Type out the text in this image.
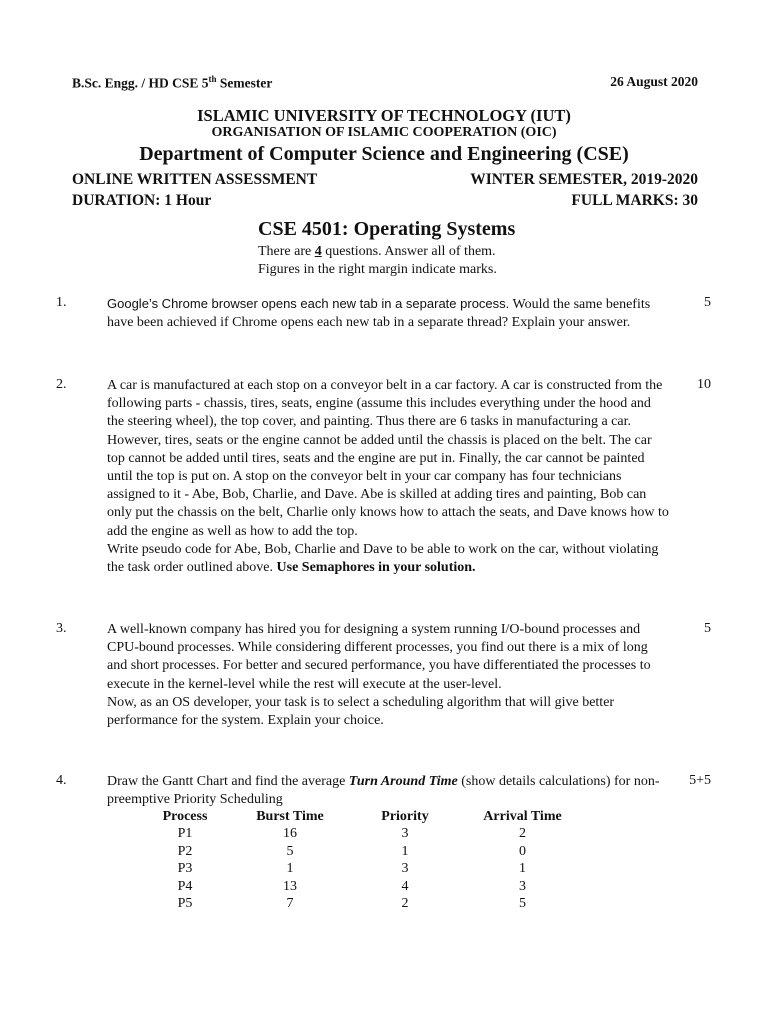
B.Sc. Engg. / HD CSE 5th Semester	26 August 2020
ISLAMIC UNIVERSITY OF TECHNOLOGY (IUT)
ORGANISATION OF ISLAMIC COOPERATION (OIC)
Department of Computer Science and Engineering (CSE)
ONLINE WRITTEN ASSESSMENT	WINTER SEMESTER, 2019-2020
DURATION: 1 Hour	FULL MARKS: 30
CSE 4501: Operating Systems
There are 4 questions. Answer all of them.
Figures in the right margin indicate marks.
1.	Google’s Chrome browser opens each new tab in a separate process. Would the same benefits have been achieved if Chrome opens each new tab in a separate thread? Explain your answer.

5
2.	A car is manufactured at each stop on a conveyor belt in a car factory. A car is constructed from the following parts - chassis, tires, seats, engine (assume this includes everything under the hood and the steering wheel), the top cover, and painting. Thus there are 6 tasks in manufacturing a car. However, tires, seats or the engine cannot be added until the chassis is placed on the belt. The car top cannot be added until tires, seats and the engine are put in. Finally, the car cannot be painted until the top is put on. A stop on the conveyor belt in your car company has four technicians assigned to it - Abe, Bob, Charlie, and Dave. Abe is skilled at adding tires and painting, Bob can only put the chassis on the belt, Charlie only knows how to attach the seats, and Dave knows how to add the engine as well as how to add the top.

Write pseudo code for Abe, Bob, Charlie and Dave to be able to work on the car, without violating the task order outlined above. Use Semaphores in your solution.

10
3.	A well-known company has hired you for designing a system running I/O-bound processes and CPU-bound processes. While considering different processes, you find out there is a mix of long and short processes. For better and secured performance, you have differentiated the processes to execute in the kernel-level while the rest will execute at the user-level.

Now, as an OS developer, your task is to select a scheduling algorithm that will give better performance for the system. Explain your choice.

5
4.	Draw the Gantt Chart and find the average Turn Around Time (show details calculations) for non-preemptive Priority Scheduling

5+5
Process	Burst Time	Priority	Arrival Time
P1	16	3	2
P2	5	1	0
P3	1	3	1
P4	13	4	3
P5	7	2	5
